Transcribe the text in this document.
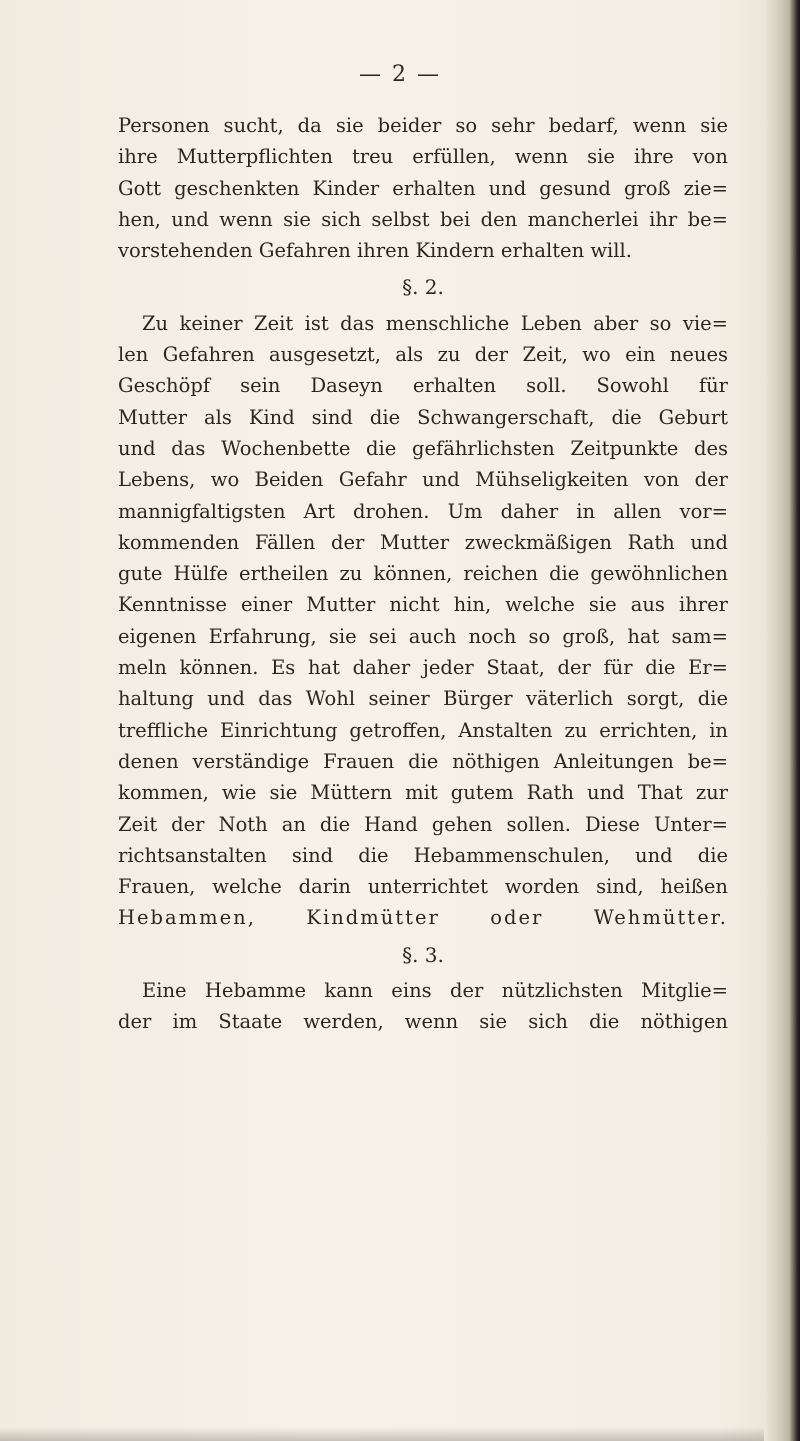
— 2 —
Personen sucht, da sie beider so sehr bedarf, wenn sie
ihre Mutterpflichten treu erfüllen, wenn sie ihre von
Gott geschenkten Kinder erhalten und gesund groß zie=
hen, und wenn sie sich selbst bei den mancherlei ihr be=
vorstehenden Gefahren ihren Kindern erhalten will.
§. 2.
Zu keiner Zeit ist das menschliche Leben aber so vie=
len Gefahren ausgesetzt, als zu der Zeit, wo ein neues
Geschöpf sein Daseyn erhalten soll. Sowohl für
Mutter als Kind sind die Schwangerschaft, die Geburt
und das Wochenbette die gefährlichsten Zeitpunkte des
Lebens, wo Beiden Gefahr und Mühseligkeiten von der
mannigfaltigsten Art drohen. Um daher in allen vor=
kommenden Fällen der Mutter zweckmäßigen Rath und
gute Hülfe ertheilen zu können, reichen die gewöhnlichen
Kenntnisse einer Mutter nicht hin, welche sie aus ihrer
eigenen Erfahrung, sie sei auch noch so groß, hat sam=
meln können. Es hat daher jeder Staat, der für die Er=
haltung und das Wohl seiner Bürger väterlich sorgt, die
treffliche Einrichtung getroffen, Anstalten zu errichten, in
denen verständige Frauen die nöthigen Anleitungen be=
kommen, wie sie Müttern mit gutem Rath und That zur
Zeit der Noth an die Hand gehen sollen. Diese Unter=
richtsanstalten sind die Hebammenschulen, und die
Frauen, welche darin unterrichtet worden sind, heißen
Hebammen, Kindmütter oder Wehmütter.
§. 3.
Eine Hebamme kann eins der nützlichsten Mitglie=
der im Staate werden, wenn sie sich die nöthigen
